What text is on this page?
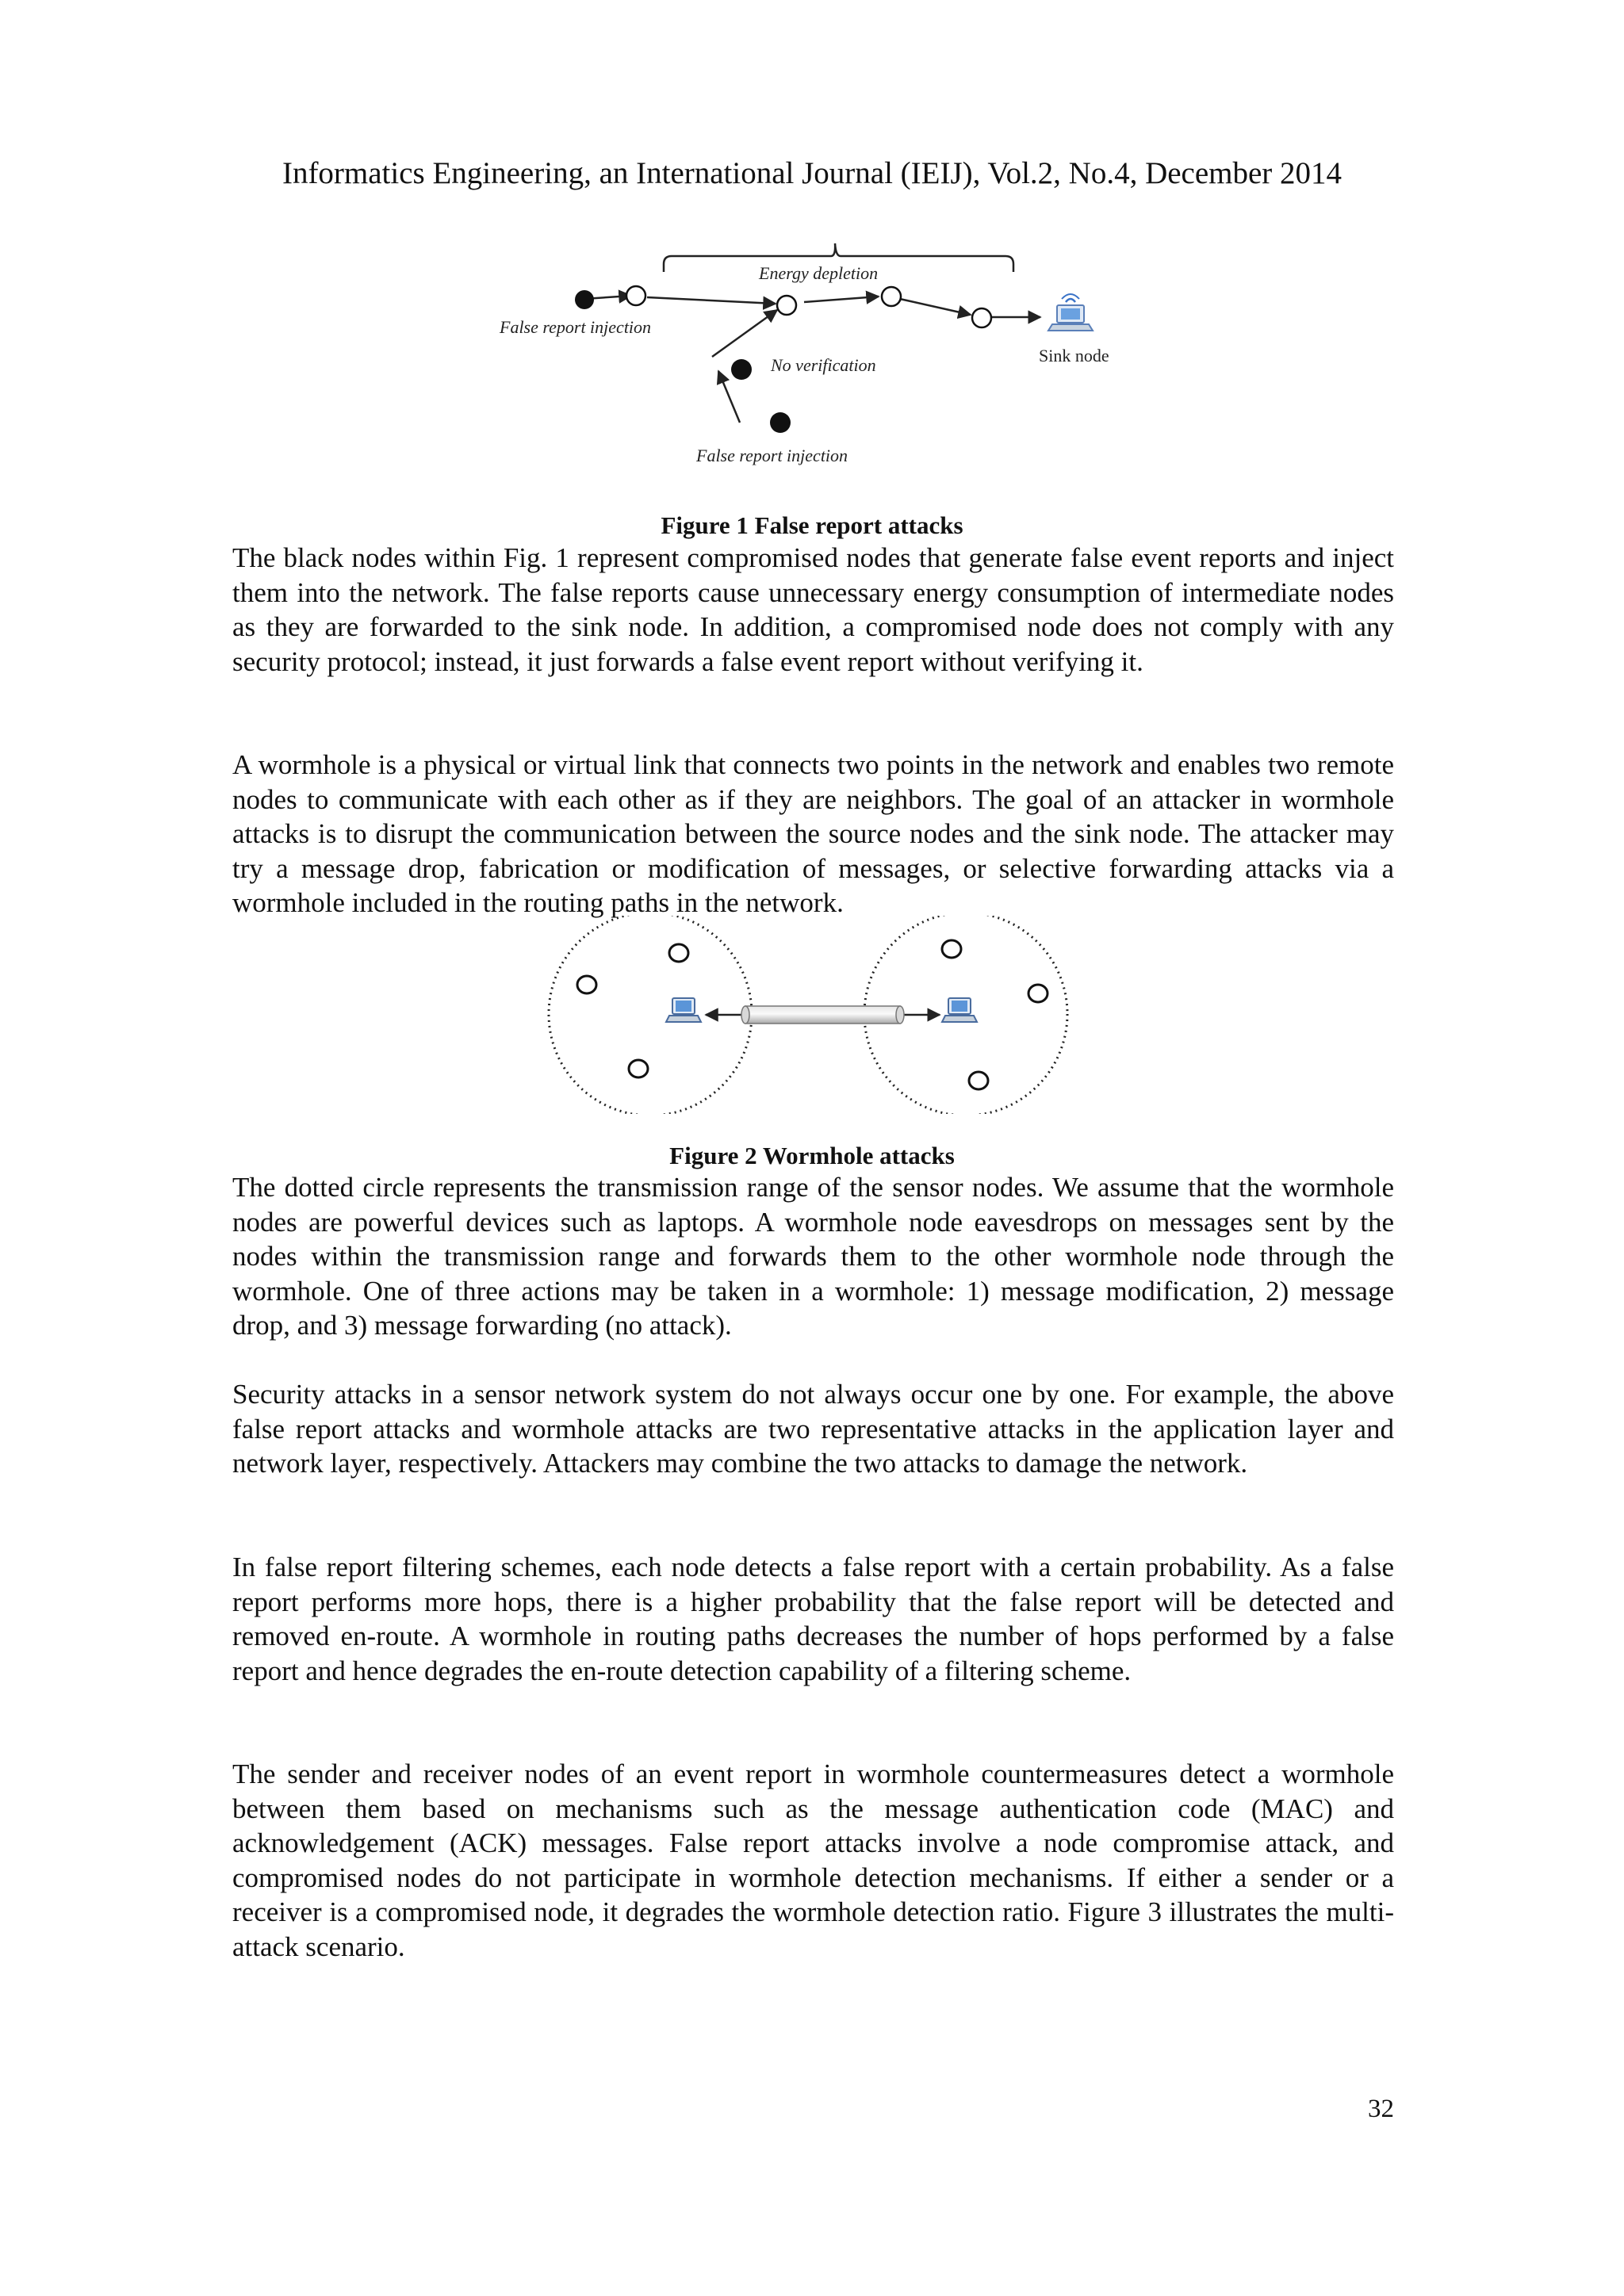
Informatics Engineering, an International Journal (IEIJ), Vol.2, No.4, December 2014
Energy depletion
False report injection
No verification	Sink node
False report injection
Figure 1 False report attacks
The black nodes within Fig. 1 represent compromised nodes that generate false event reports and inject them into the network. The false reports cause unnecessary energy consumption of intermediate nodes as they are forwarded to the sink node. In addition, a compromised node does not comply with any security protocol; instead, it just forwards a false event report without verifying it.
A wormhole is a physical or virtual link that connects two points in the network and enables two remote nodes to communicate with each other as if they are neighbors. The goal of an attacker in wormhole attacks is to disrupt the communication between the source nodes and the sink node. The attacker may try a message drop, fabrication or modification of messages, or selective forwarding attacks via a wormhole included in the routing paths in the network.
Figure 2 Wormhole attacks
The dotted circle represents the transmission range of the sensor nodes. We assume that the wormhole nodes are powerful devices such as laptops. A wormhole node eavesdrops on messages sent by the nodes within the transmission range and forwards them to the other wormhole node through the wormhole. One of three actions may be taken in a wormhole: 1) message modification, 2) message drop, and 3) message forwarding (no attack).
Security attacks in a sensor network system do not always occur one by one. For example, the above false report attacks and wormhole attacks are two representative attacks in the application layer and network layer, respectively. Attackers may combine the two attacks to damage the network.
In false report filtering schemes, each node detects a false report with a certain probability. As a false report performs more hops, there is a higher probability that the false report will be detected and removed en-route. A wormhole in routing paths decreases the number of hops performed by a false report and hence degrades the en-route detection capability of a filtering scheme.
The sender and receiver nodes of an event report in wormhole countermeasures detect a wormhole between them based on mechanisms such as the message authentication code (MAC) and acknowledgement (ACK) messages. False report attacks involve a node compromise attack, and compromised nodes do not participate in wormhole detection mechanisms. If either a sender or a receiver is a compromised node, it degrades the wormhole detection ratio. Figure 3 illustrates the multi-attack scenario.
32
